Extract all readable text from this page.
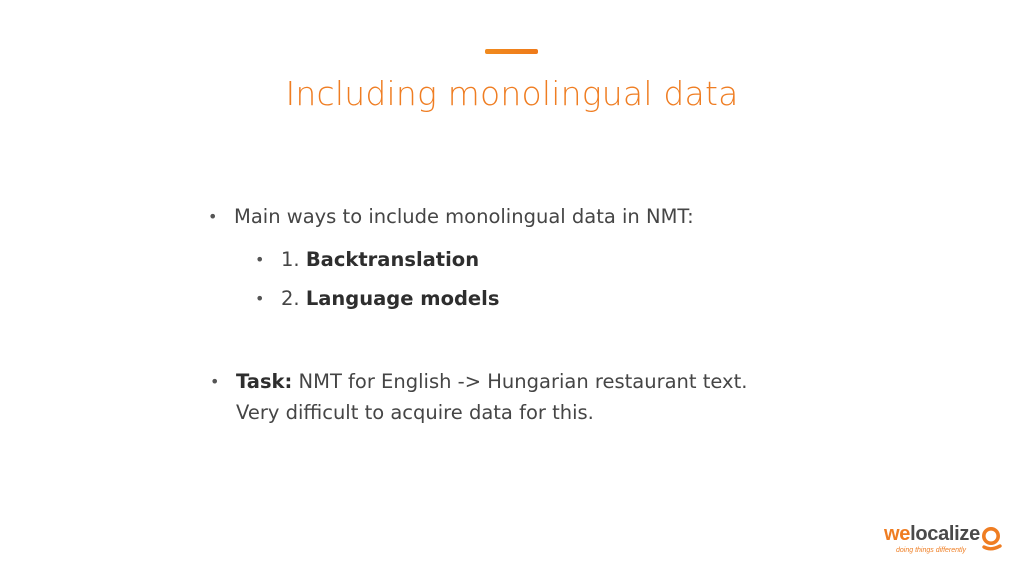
Including monolingual data
• Main ways to include monolingual data in NMT:
• 1. Backtranslation
• 2. Language models
• Task: NMT for English -> Hungarian restaurant text.
Very difficult to acquire data for this.
welocalize
doing things differently
